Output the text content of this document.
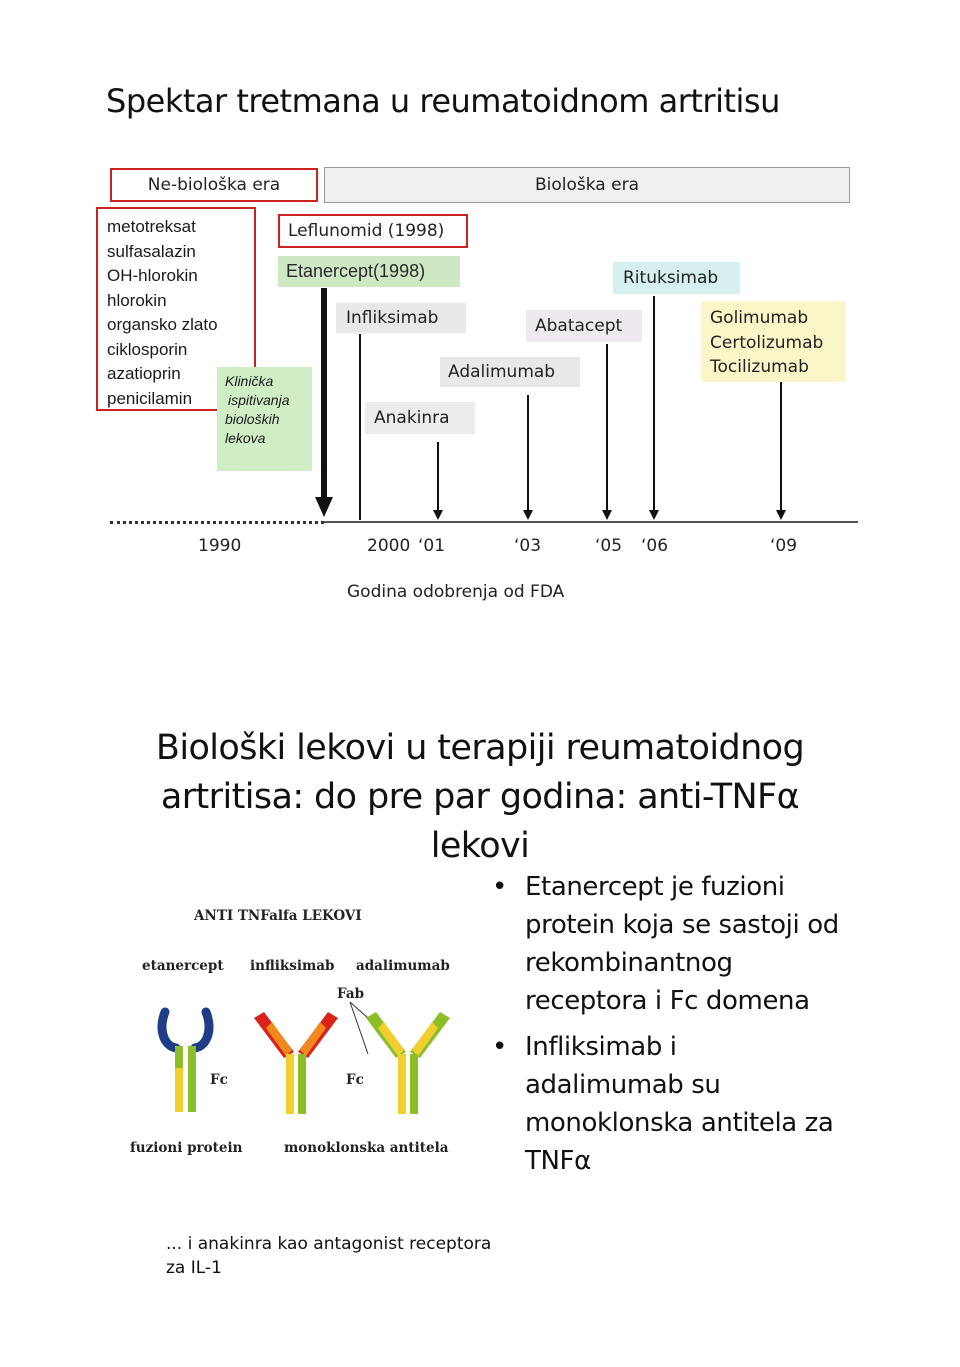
Spektar tretmana u reumatoidnom artritisu
Ne-biološka era	Biološka era
metotreksat
sulfasalazin
OH-hlorokin
hlorokin
organsko zlato
ciklosporin
azatioprin
penicilamin
Leflunomid (1998)
Etanercept(1998)
Klinička
ispitivanja
bioloških
lekova
Infliksimab
Anakinra
Adalimumab
Abatacept
Rituksimab
Golimumab
Certolizumab
Tocilizumab
1990	2000 ‘01	‘03	‘05 ‘06	‘09
Godina odobrenja od FDA
Biološki lekovi u terapiji reumatoidnog artritisa: do pre par godina: anti-TNFα lekovi
ANTI TNFalfa LEKOVI
etanercept infliksimab adalimumab
Fab
Fc	Fc
fuzioni protein	monoklonska antitela
• Etanercept je fuzioni protein koja se sastoji od rekombinantnog receptora i Fc domena
• Infliksimab i adalimumab su monoklonska antitela za TNFα
... i anakinra kao antagonist receptora za IL-1
